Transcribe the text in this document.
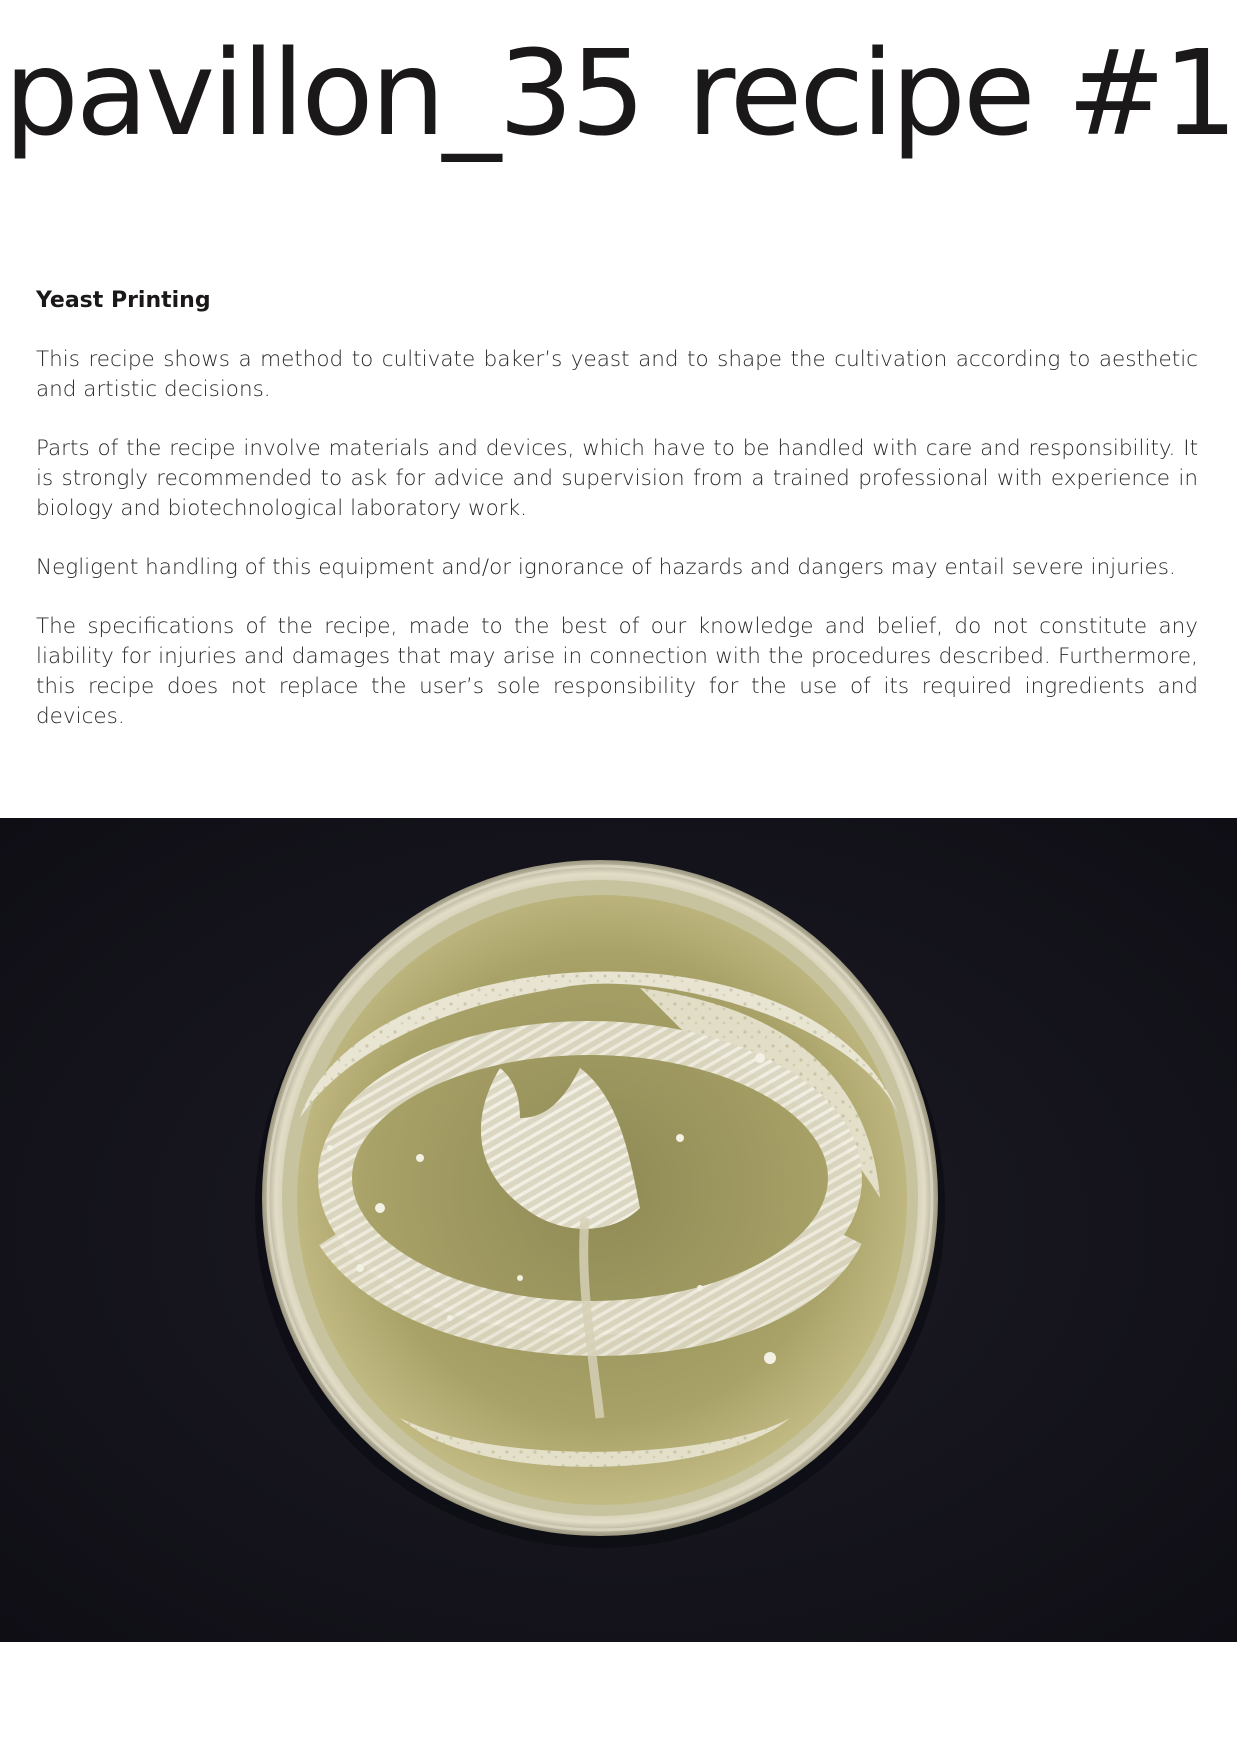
pavillon_35 recipe #1
Yeast Printing

This recipe shows a method to cultivate baker’s yeast and to shape the cultivation according to aesthetic and artistic decisions.

Parts of the recipe involve materials and devices, which have to be handled with care and responsibility. It is strongly recommended to ask for advice and supervision from a trained professional with experience in biology and biotechnological laboratory work.

Negligent handling of this equipment and/or ignorance of hazards and dangers may entail severe injuries.

The specifications of the recipe, made to the best of our knowledge and belief, do not constitute any liability for injuries and damages that may arise in connection with the procedures described. Furthermore, this recipe does not replace the user’s sole responsibility for the use of its required ingredients and devices.
